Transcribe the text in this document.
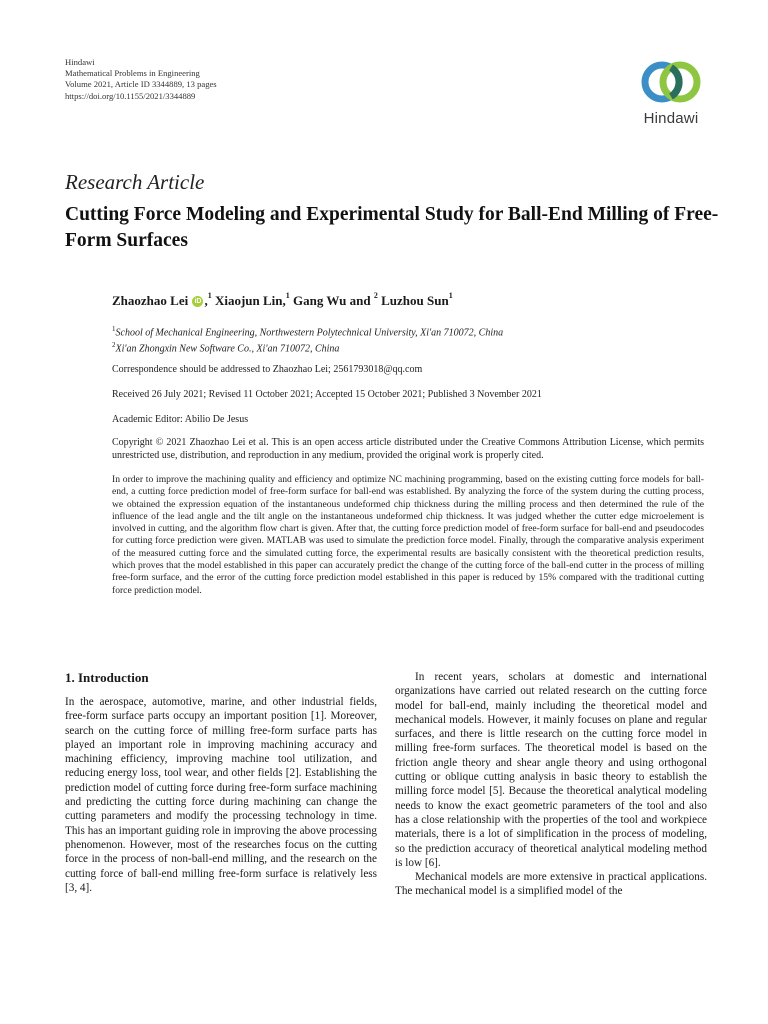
Hindawi
Mathematical Problems in Engineering
Volume 2021, Article ID 3344889, 13 pages
https://doi.org/10.1155/2021/3344889
Hindawi
Research Article
Cutting Force Modeling and Experimental Study for Ball-End Milling of Free-Form Surfaces
Zhaozhao Lei iD ,$^1$ Xiaojun Lin,$^1$ Gang Wu and $^2$ Luzhou Sun$^1$
$^1$School of Mechanical Engineering, Northwestern Polytechnical University, Xi'an 710072, China
$^2$Xi'an Zhongxin New Software Co., Xi'an 710072, China
Correspondence should be addressed to Zhaozhao Lei; 2561793018@qq.com
Received 26 July 2021; Revised 11 October 2021; Accepted 15 October 2021; Published 3 November 2021
Academic Editor: Abilio De Jesus
Copyright © 2021 Zhaozhao Lei et al. This is an open access article distributed under the Creative Commons Attribution License, which permits unrestricted use, distribution, and reproduction in any medium, provided the original work is properly cited.
In order to improve the machining quality and efficiency and optimize NC machining programming, based on the existing cutting force models for ball-end, a cutting force prediction model of free-form surface for ball-end was established. By analyzing the force of the system during the cutting process, we obtained the expression equation of the instantaneous undeformed chip thickness during the milling process and then determined the rule of the influence of the lead angle and the tilt angle on the instantaneous undeformed chip thickness. It was judged whether the cutter edge microelement is involved in cutting, and the algorithm flow chart is given. After that, the cutting force prediction model of free-form surface for ball-end and pseudocodes for cutting force prediction were given. MATLAB was used to simulate the prediction force model. Finally, through the comparative analysis experiment of the measured cutting force and the simulated cutting force, the experimental results are basically consistent with the theoretical prediction results, which proves that the model established in this paper can accurately predict the change of the cutting force of the ball-end cutter in the process of milling free-form surface, and the error of the cutting force prediction model established in this paper is reduced by 15% compared with the traditional cutting force prediction model.
1. Introduction

In the aerospace, automotive, marine, and other industrial fields, free-form surface parts occupy an important position [1]. Moreover, search on the cutting force of milling free-form surface parts has played an important role in improving machining accuracy and machining efficiency, improving machine tool utilization, and reducing energy loss, tool wear, and other fields [2]. Establishing the prediction model of cutting force during free-form surface machining and predicting the cutting force during machining can change the cutting parameters and modify the processing technology in time. This has an important guiding role in improving the above processing phenomenon. However, most of the researches focus on the cutting force in the process of non-ball-end milling, and the research on the cutting force of ball-end milling free-form surface is relatively less [3, 4].

In recent years, scholars at domestic and international organizations have carried out related research on the cutting force model for ball-end, mainly including the theoretical model and mechanical models. However, it mainly focuses on plane and regular surfaces, and there is little research on the cutting force model in milling free-form surfaces. The theoretical model is based on the friction angle theory and shear angle theory and using orthogonal cutting or oblique cutting analysis in basic theory to establish the milling force model [5]. Because the theoretical analytical modeling needs to know the exact geometric parameters of the tool and also has a close relationship with the properties of the tool and workpiece materials, there is a lot of simplification in the process of modeling, so the prediction accuracy of theoretical analytical modeling method is low [6].

Mechanical models are more extensive in practical applications. The mechanical model is a simplified model of the
